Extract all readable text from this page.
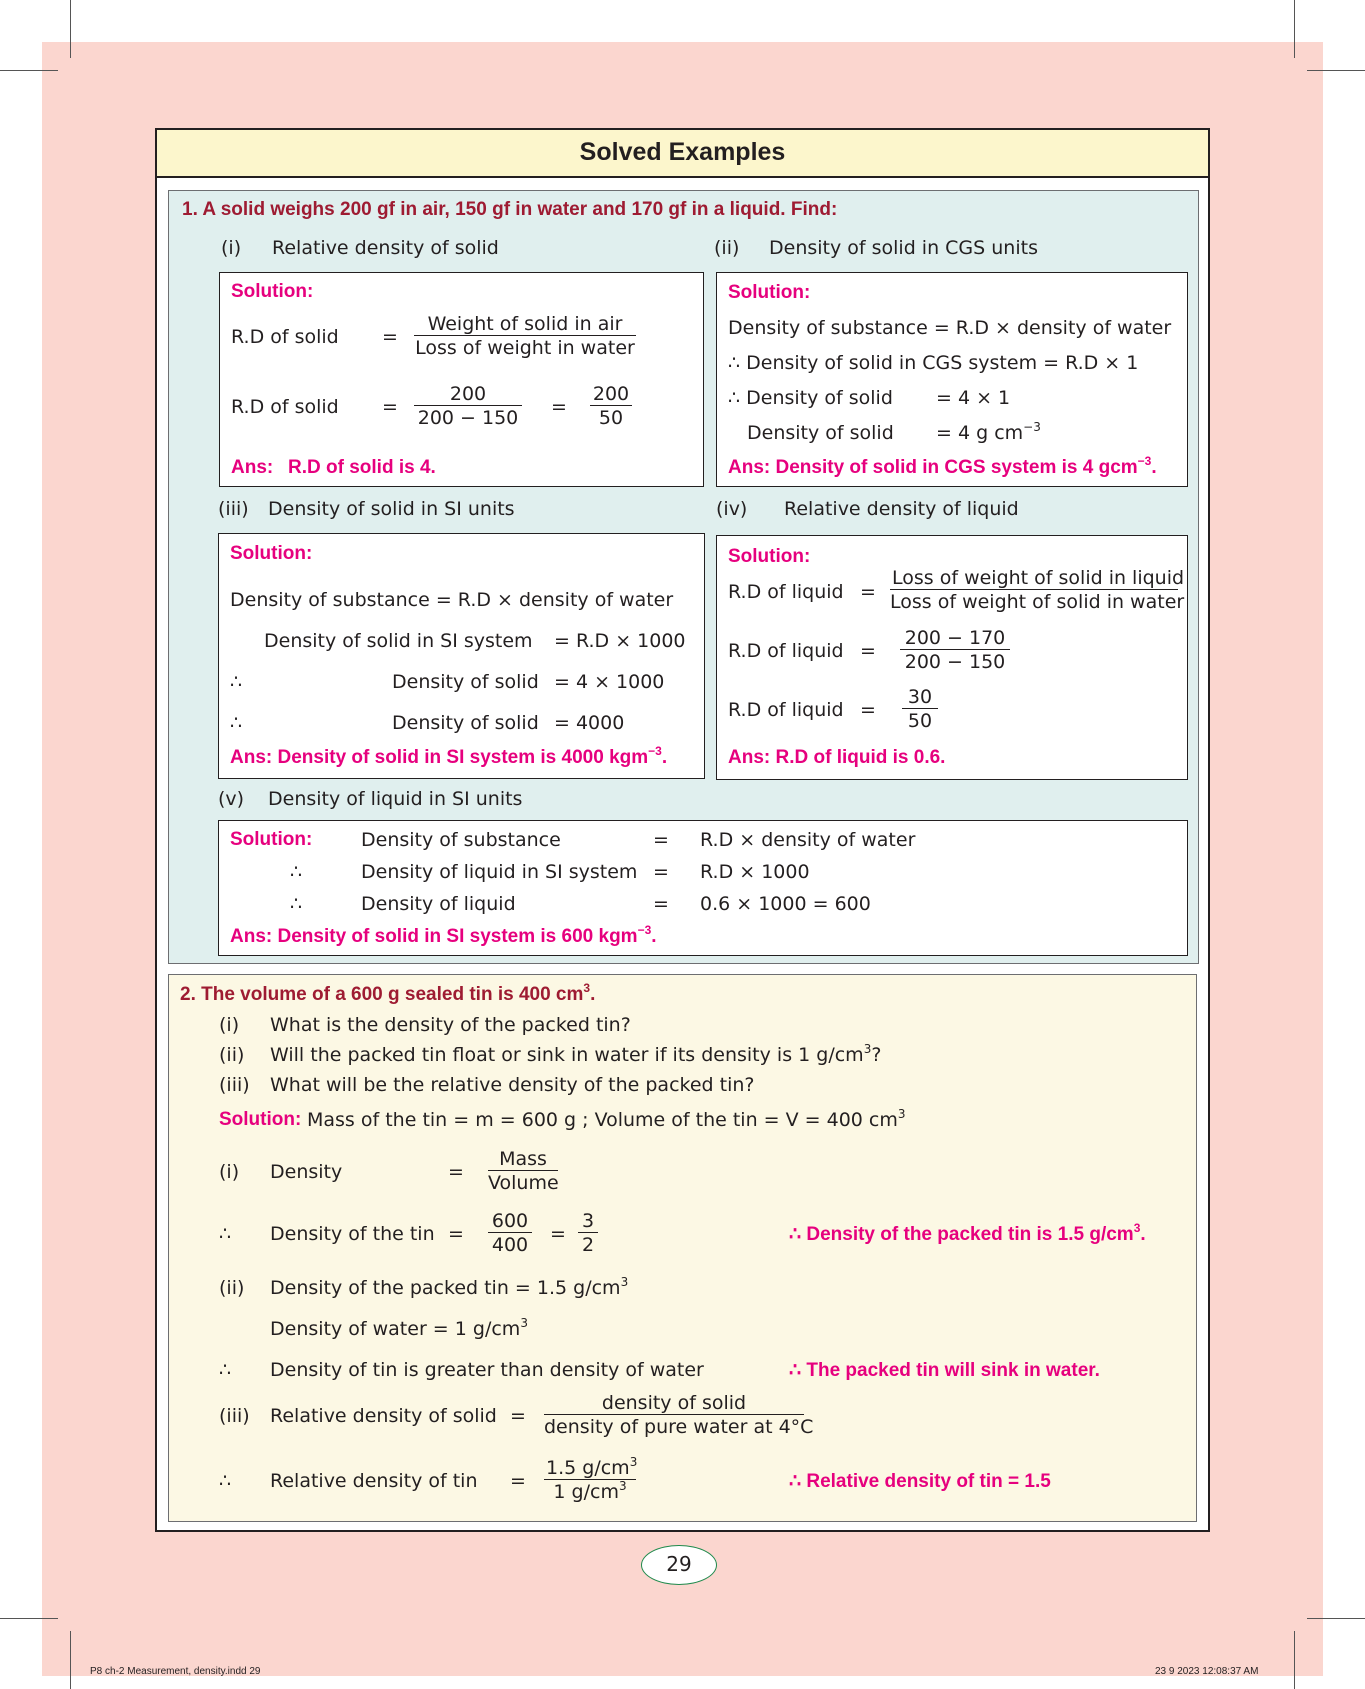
Solved Examples
1. A solid weighs 200 gf in air, 150 gf in water and 170 gf in a liquid. Find:
(i) Relative density of solid	(ii) Density of solid in CGS units
Solution:
R.D of solid =
Weight of solid in air
Loss of weight in water
R.D of solid = $\frac{200}{200 - 150} = \frac{200}{50}$
Ans: R.D of solid is 4.
Solution:
Density of substance = R.D × density of water
∴ Density of solid in CGS system = R.D × 1
∴ Density of solid = 4 × 1
Density of solid = 4 g $cm^{-3}$
Ans: Density of solid in CGS system is 4 gcm$^{-3}$.
(iii) Density of solid in SI units	(iv) Relative density of liquid
Solution:
Density of substance = R.D × density of water
Density of solid in SI system = R.D × 1000
∴	Density of solid = 4 × 1000
∴	Density of solid = 4000
Ans: Density of solid in SI system is 4000 kgm$^{-3}$.
Solution:
R.D of liquid =
Loss of weight of solid in liquid
Loss of weight of solid in water
R.D of liquid = $\frac{200 - 170}{200 - 150}$
R.D of liquid = $\frac{30}{50}$
Ans: R.D of liquid is 0.6.
(v) Density of liquid in SI units
Solution:	Density of substance	= R.D × density of water
∴	Density of liquid in SI system = R.D × 1000
∴	Density of liquid	= 0.6 × 1000 = 600
Ans: Density of solid in SI system is 600 kgm$^{-3}$.
2. The volume of a 600 g sealed tin is 400 $cm^3$.
(i) What is the density of the packed tin?
(ii) Will the packed tin float or sink in water if its density is 1 $g/cm^3$?
(iii) What will be the relative density of the packed tin?
Solution: Mass of the tin = m = 600 g ; Volume of the tin = V = 400 $cm^3$
(i) Density	=
Mass
Volume
∴ Density of the tin = $\frac{600}{400} = \frac{3}{2}$	∴ Density of the packed tin is 1.5 $g/cm^3$.
(ii) Density of the packed tin = 1.5 $g/cm^3$
Density of water = 1 $g/cm^3$
∴ Density of tin is greater than density of water	∴ The packed tin will sink in water.
(iii) Relative density of solid =
density of solid
density of pure water at 4°C
∴ Relative density of tin = $\frac{1.5 g/cm^3}{1 g/cm^3}$	∴ Relative density of tin = 1.5
29
P8 ch-2 Measurement, density.indd 29	23 9 2023 12:08:37 AM
